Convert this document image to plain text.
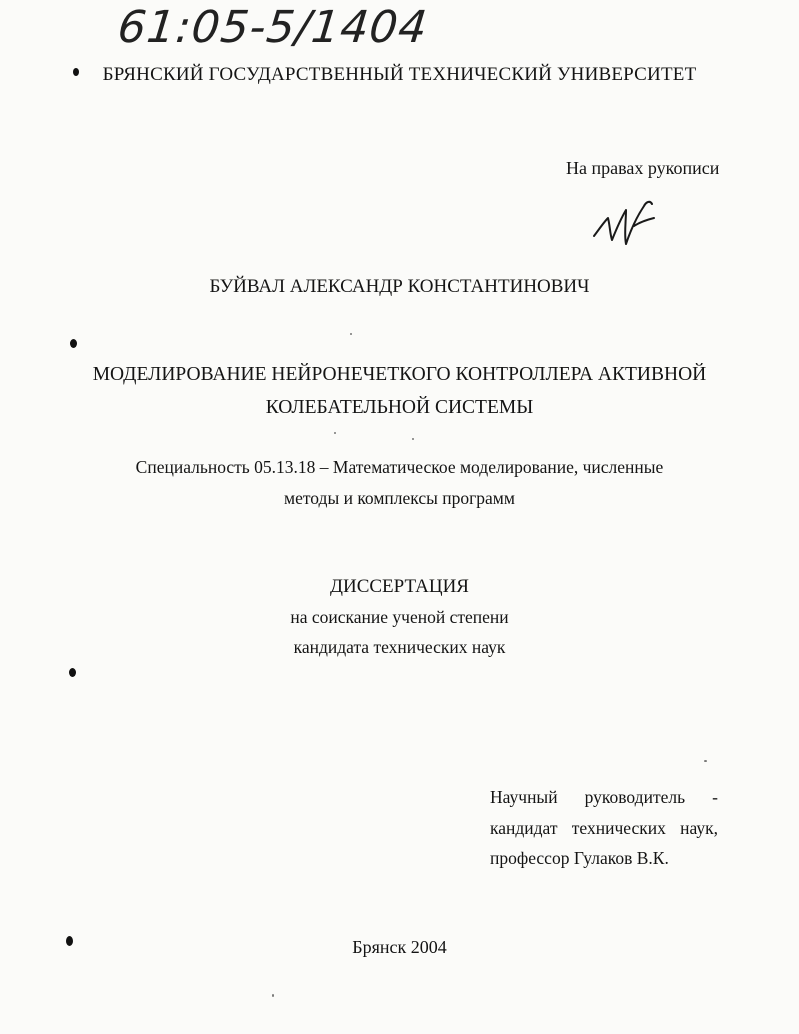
61:05-5/1404
БРЯНСКИЙ ГОСУДАРСТВЕННЫЙ ТЕХНИЧЕСКИЙ УНИВЕРСИТЕТ
На правах рукописи
БУЙВАЛ АЛЕКСАНДР КОНСТАНТИНОВИЧ
МОДЕЛИРОВАНИЕ НЕЙРОНЕЧЕТКОГО КОНТРОЛЛЕРА АКТИВНОЙ
КОЛЕБАТЕЛЬНОЙ СИСТЕМЫ
Специальность 05.13.18 – Математическое моделирование, численные
методы и комплексы программ
ДИССЕРТАЦИЯ
на соискание ученой степени
кандидата технических наук
Научный руководитель -
кандидат технических наук,
профессор Гулаков В.К.
Брянск 2004
